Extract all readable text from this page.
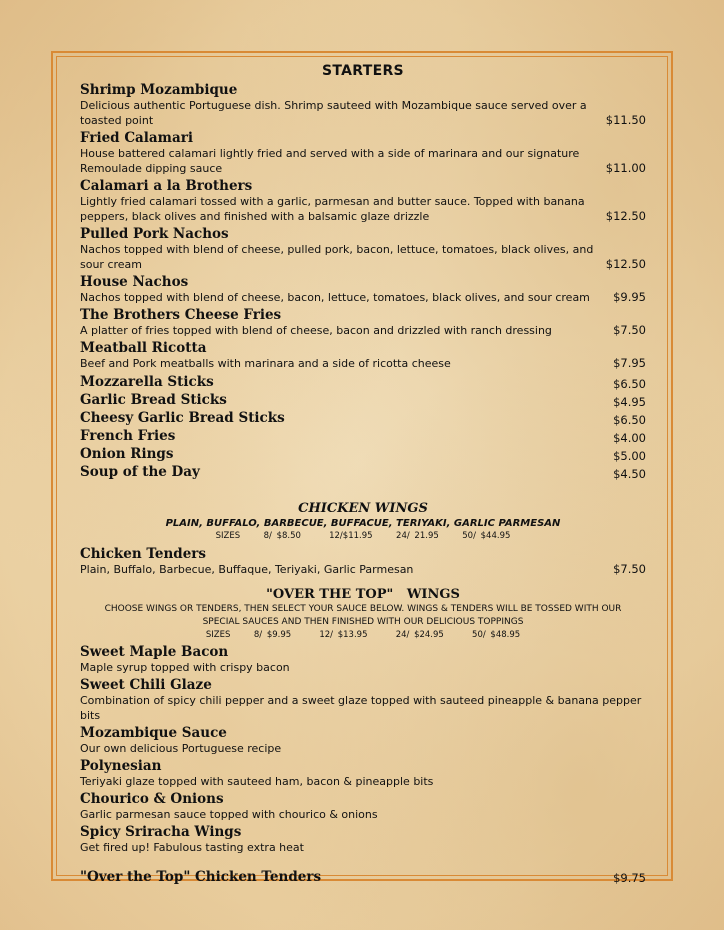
STARTERS
Shrimp Mozambique
Delicious authentic Portuguese dish. Shrimp sauteed with Mozambique sauce served over a toasted point	$11.50
Fried Calamari
House battered calamari lightly fried and served with a side of marinara and our signature Remoulade dipping sauce	$11.00
Calamari a la Brothers
Lightly fried calamari tossed with a garlic, parmesan and butter sauce. Topped with banana peppers, black olives and finished with a balsamic glaze drizzle	$12.50
Pulled Pork Nachos
Nachos topped with blend of cheese, pulled pork, bacon, lettuce, tomatoes, black olives, and sour cream	$12.50
House Nachos
Nachos topped with blend of cheese, bacon, lettuce, tomatoes, black olives, and sour cream	$9.95
The Brothers Cheese Fries
A platter of fries topped with blend of cheese, bacon and drizzled with ranch dressing	$7.50
Meatball Ricotta
Beef and Pork meatballs with marinara and a side of ricotta cheese	$7.95
Mozzarella Sticks	$6.50
Garlic Bread Sticks	$4.95
Cheesy Garlic Bread Sticks	$6.50
French Fries	$4.00
Onion Rings	$5.00
Soup of the Day	$4.50
CHICKEN WINGS
PLAIN, BUFFALO, BARBECUE, BUFFACUE, TERIYAKI, GARLIC PARMESAN
SIZES     8/ $8.50      12/$11.95     24/ 21.95     50/ $44.95
Chicken Tenders
Plain, Buffalo, Barbecue, Buffaque, Teriyaki, Garlic Parmesan	$7.50
"OVER THE TOP"   WINGS
CHOOSE WINGS OR TENDERS, THEN SELECT YOUR SAUCE BELOW. WINGS & TENDERS WILL BE TOSSED WITH OUR
SPECIAL SAUCES AND THEN FINISHED WITH OUR DELICIOUS TOPPINGS
SIZES     8/ $9.95      12/ $13.95      24/ $24.95      50/ $48.95
Sweet Maple Bacon
Maple syrup topped with crispy bacon
Sweet Chili Glaze
Combination of spicy chili pepper and a sweet glaze topped with sauteed pineapple & banana pepper bits
Mozambique Sauce
Our own delicious Portuguese recipe
Polynesian
Teriyaki glaze topped with sauteed ham, bacon & pineapple bits
Chourico & Onions
Garlic parmesan sauce topped with chourico & onions
Spicy Sriracha Wings
Get fired up! Fabulous tasting extra heat
"Over the Top" Chicken Tenders	$9.75
